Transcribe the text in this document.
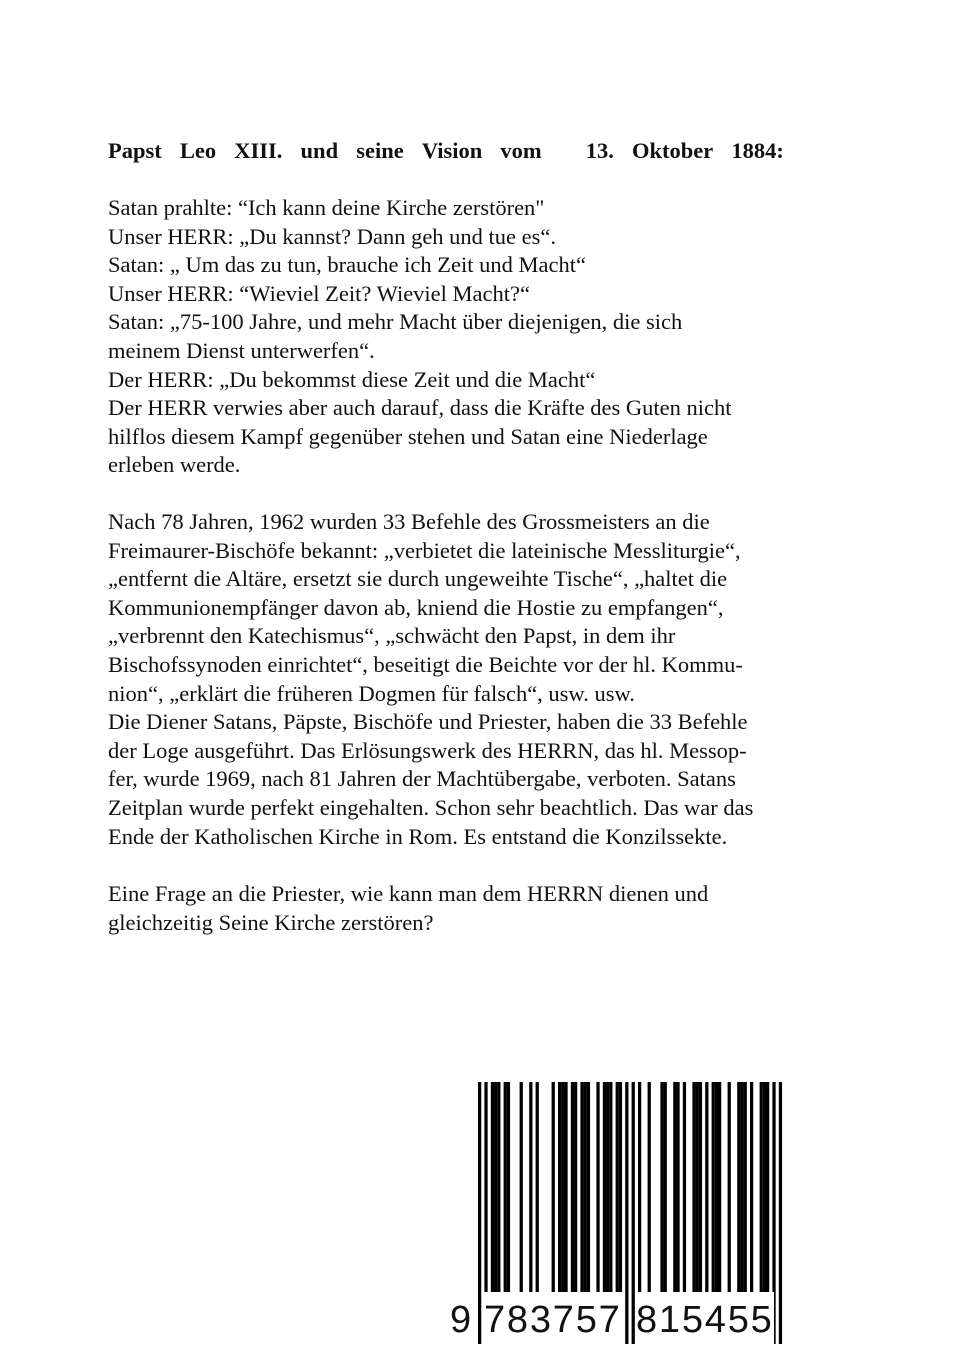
Papst Leo XIII. und seine Vision vom 13. Oktober 1884:
Satan prahlte: “Ich kann deine Kirche zerstören"
Unser HERR: „Du kannst? Dann geh und tue es“.
Satan: „ Um das zu tun, brauche ich Zeit und Macht“
Unser HERR: “Wieviel Zeit? Wieviel Macht?“
Satan: „75-100 Jahre, und mehr Macht über diejenigen, die sich
meinem Dienst unterwerfen“.
Der HERR: „Du bekommst diese Zeit und die Macht“
Der HERR verwies aber auch darauf, dass die Kräfte des Guten nicht
hilflos diesem Kampf gegenüber stehen und Satan eine Niederlage
erleben werde.
Nach 78 Jahren, 1962 wurden 33 Befehle des Grossmeisters an die
Freimaurer-Bischöfe bekannt: „verbietet die lateinische Messliturgie“,
„entfernt die Altäre, ersetzt sie durch ungeweihte Tische“, „haltet die
Kommunionempfänger davon ab, kniend die Hostie zu empfangen“,
„verbrennt den Katechismus“, „schwächt den Papst, in dem ihr
Bischofssynoden einrichtet“, beseitigt die Beichte vor der hl. Kommu-
nion“, „erklärt die früheren Dogmen für falsch“, usw. usw.
Die Diener Satans, Päpste, Bischöfe und Priester, haben die 33 Befehle
der Loge ausgeführt. Das Erlösungswerk des HERRN, das hl. Messop-
fer, wurde 1969, nach 81 Jahren der Machtübergabe, verboten. Satans
Zeitplan wurde perfekt eingehalten. Schon sehr beachtlich. Das war das
Ende der Katholischen Kirche in Rom. Es entstand die Konzilssekte.
Eine Frage an die Priester, wie kann man dem HERRN dienen und
gleichzeitig Seine Kirche zerstören?
9 783757 815455
